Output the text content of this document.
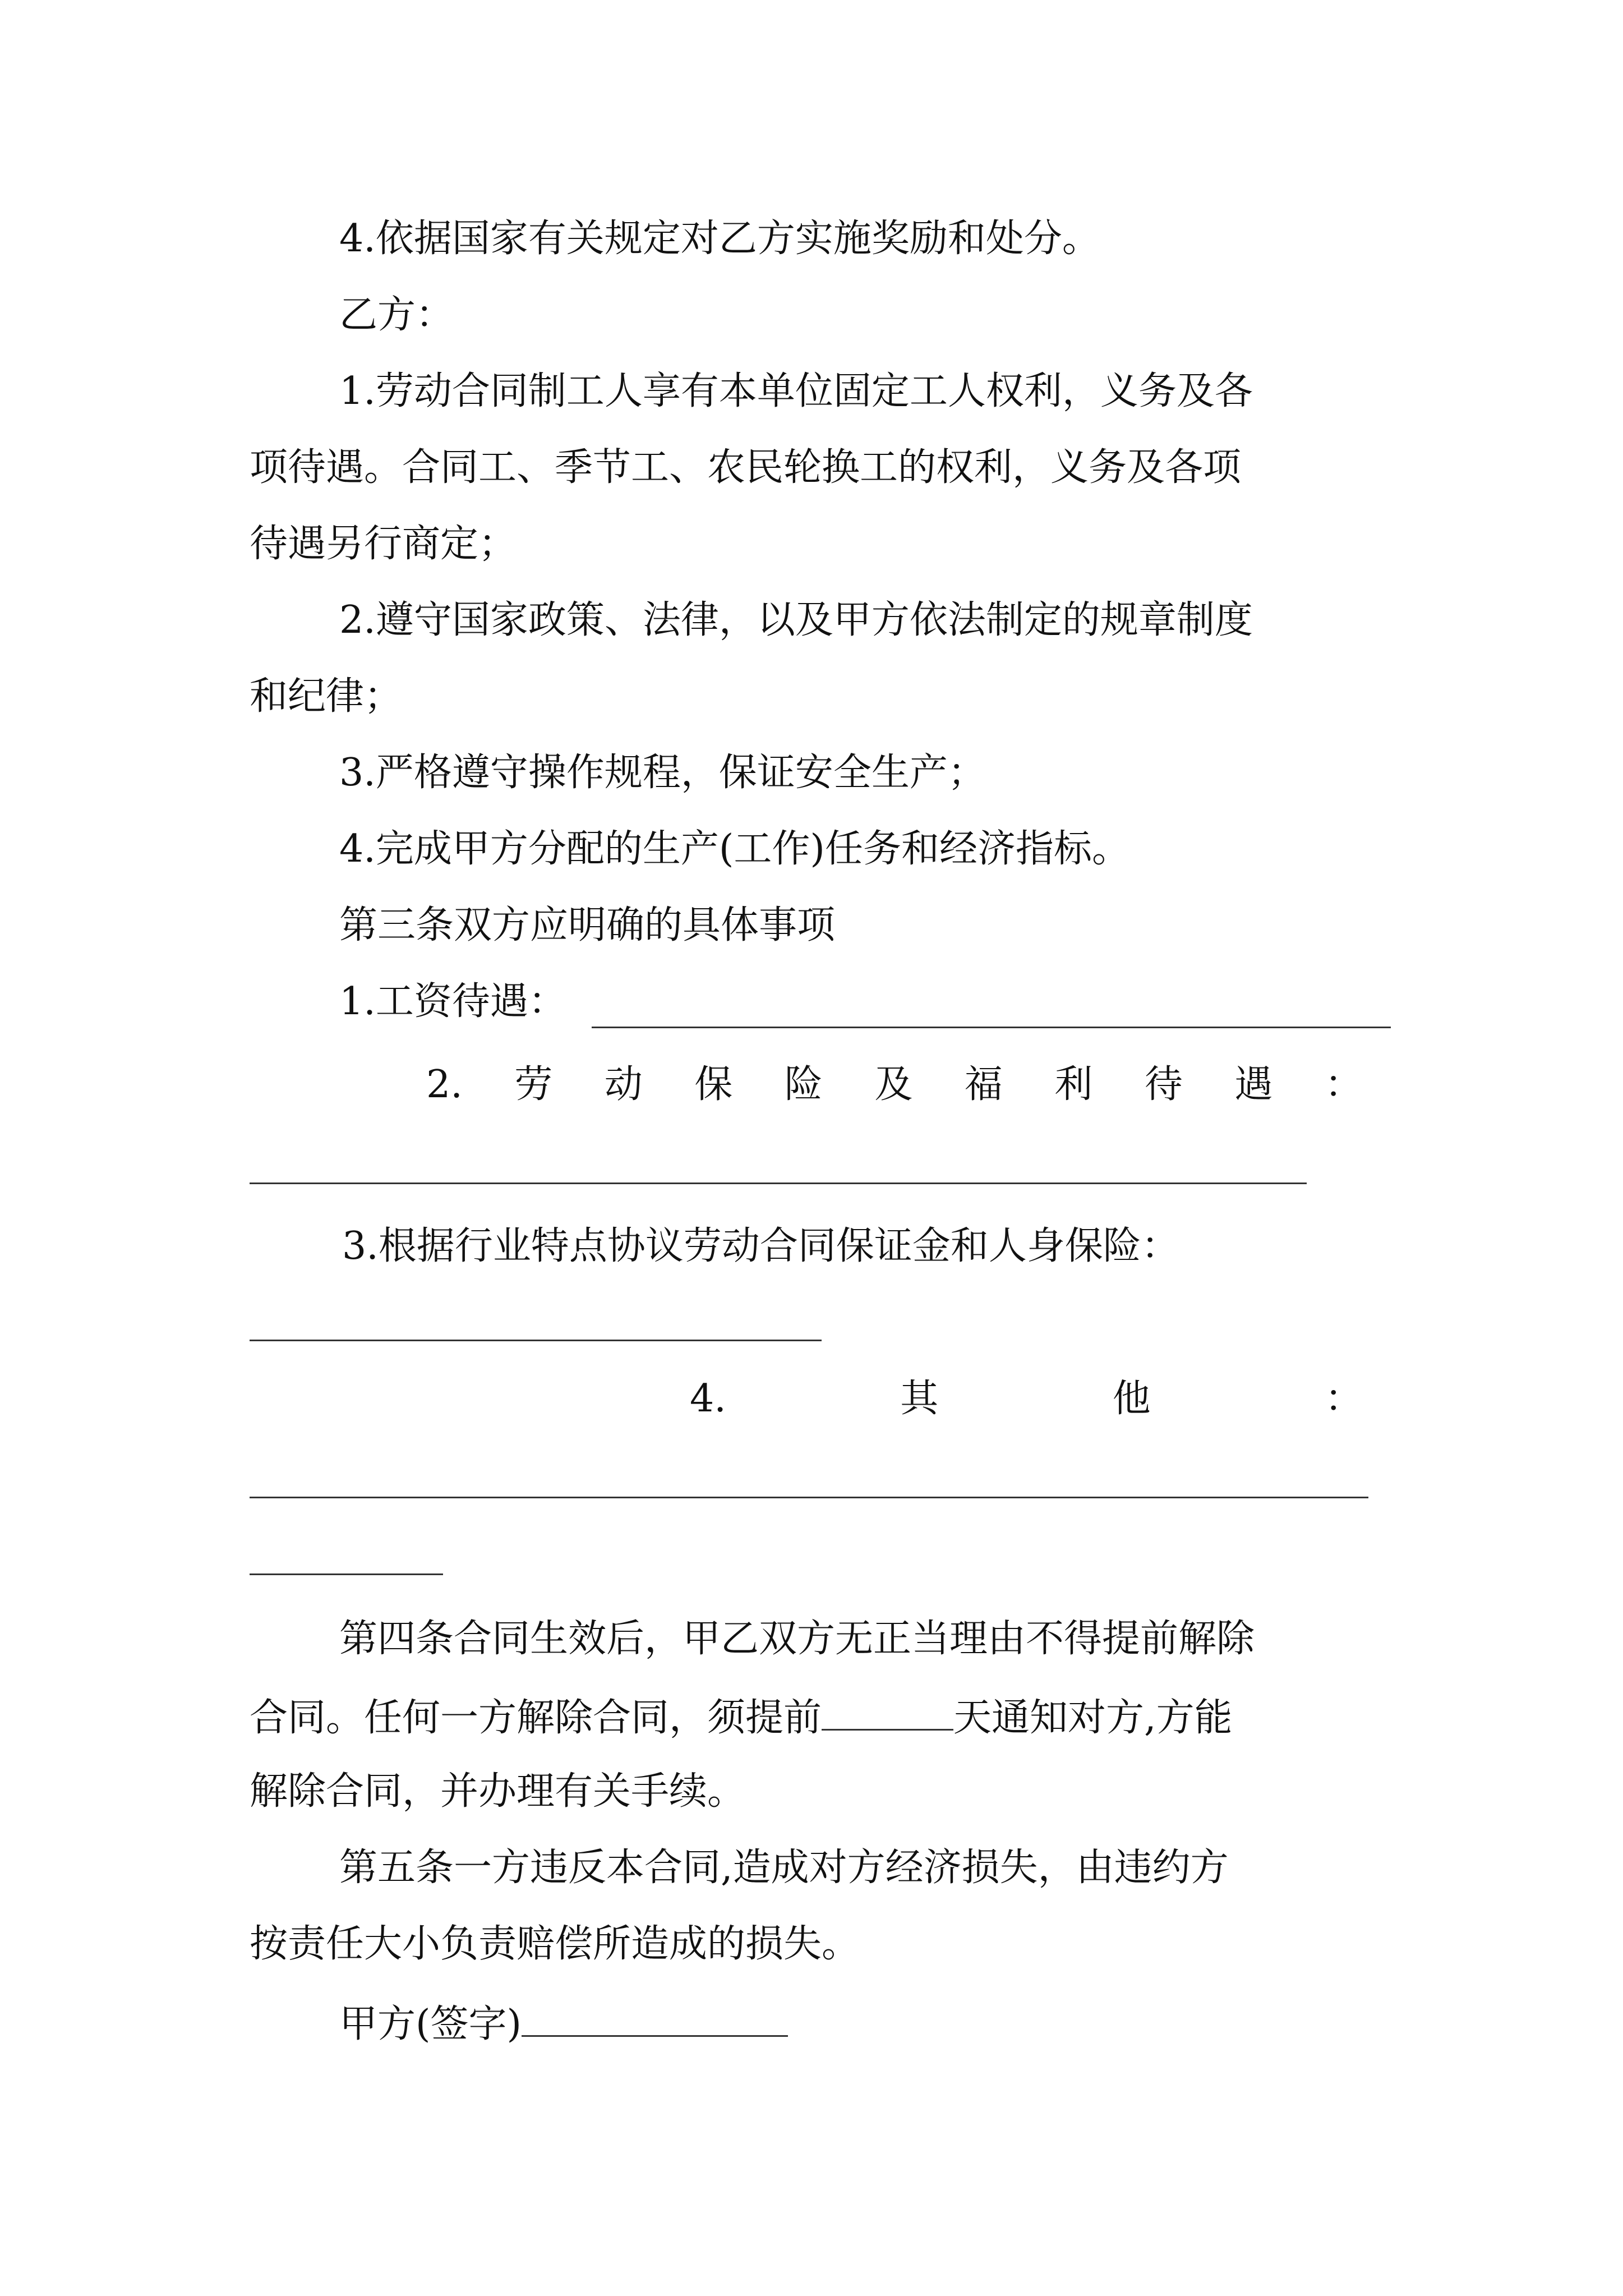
4.依据国家有关规定对乙方实施奖励和处分。
乙方：
1.劳动合同制工人享有本单位固定工人权利，义务及各
项待遇。合同工、季节工、农民轮换工的权利，义务及各项
待遇另行商定；
2.遵守国家政策、法律，以及甲方依法制定的规章制度
和纪律；
3.严格遵守操作规程，保证安全生产；
4.完成甲方分配的生产(工作)任务和经济指标。
第三条双方应明确的具体事项
1.工资待遇：
2. 劳 动 保 险 及 福 利 待 遇 ：
3.根据行业特点协议劳动合同保证金和人身保险：
4.	其	他	：
第四条合同生效后，甲乙双方无正当理由不得提前解除
合同。任何一方解除合同，须提前	天通知对方,方能
解除合同，并办理有关手续。
第五条一方违反本合同,造成对方经济损失，由违约方
按责任大小负责赔偿所造成的损失。
甲方(签字)
